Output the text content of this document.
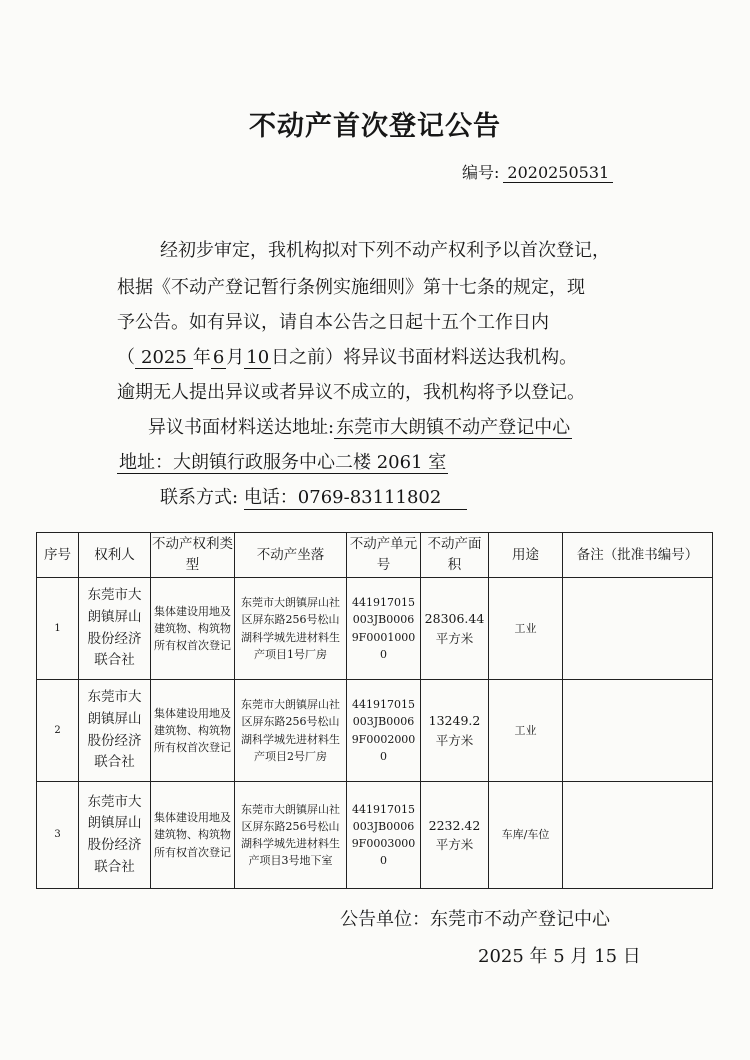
不动产首次登记公告
编号: 2020250531
经初步审定，我机构拟对下列不动产权利予以首次登记，
根据《不动产登记暂行条例实施细则》第十七条的规定，现
予公告。如有异议，请自本公告之日起十五个工作日内
（ 2025 年 6 月 10 日之前）将异议书面材料送达我机构。
逾期无人提出异议或者异议不成立的，我机构将予以登记。
异议书面材料送达地址: 东莞市大朗镇不动产登记中心
地址：大朗镇行政服务中心二楼 2061 室
联系方式: 电话：0769-83111802
序号	权利人	不动产权利类型	不动产坐落	不动产单元号	不动产面积	用途	备注（批准书编号）
1	东莞市大朗镇屏山股份经济联合社	集体建设用地及建筑物、构筑物所有权首次登记	东莞市大朗镇屏山社区屏东路256号松山湖科学城先进材料生产项目1号厂房	441917015003JB00069F00010000	28306.44平方米	工业	
2	东莞市大朗镇屏山股份经济联合社	集体建设用地及建筑物、构筑物所有权首次登记	东莞市大朗镇屏山社区屏东路256号松山湖科学城先进材料生产项目2号厂房	441917015003JB00069F00020000	13249.2平方米	工业	
3	东莞市大朗镇屏山股份经济联合社	集体建设用地及建筑物、构筑物所有权首次登记	东莞市大朗镇屏山社区屏东路256号松山湖科学城先进材料生产项目3号地下室	441917015003JB00069F00030000	2232.42平方米	车库/车位	
公告单位：东莞市不动产登记中心
2025 年 5 月 15 日
